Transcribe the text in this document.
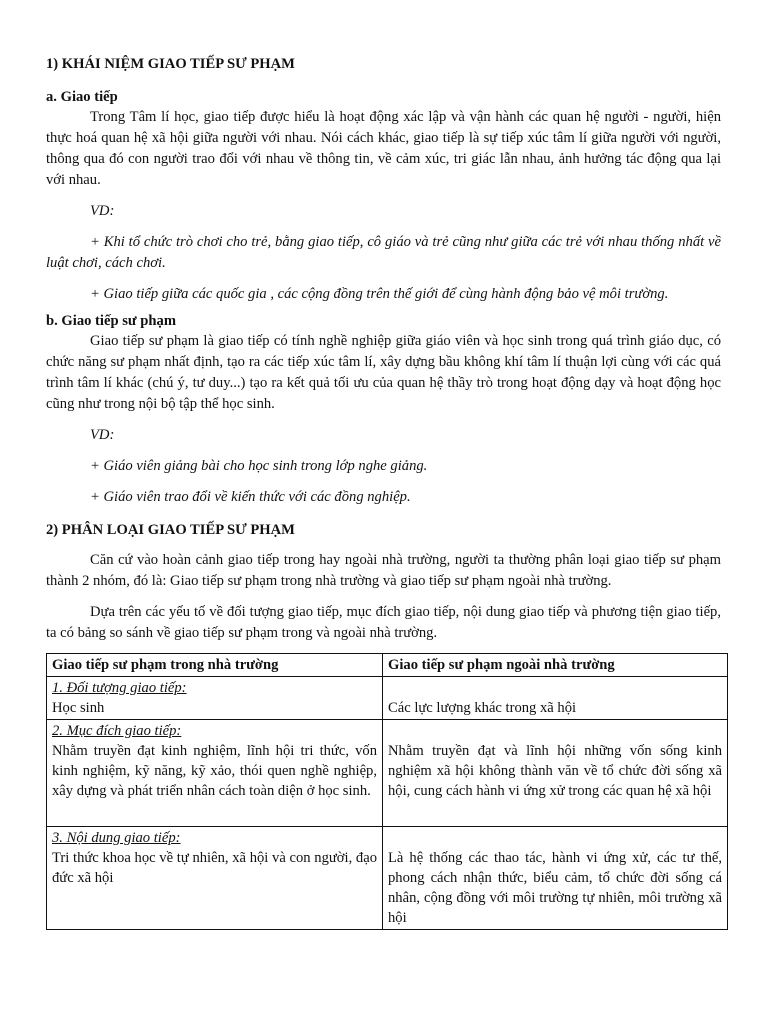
1) KHÁI NIỆM GIAO TIẾP SƯ PHẠM
a. Giao tiếp

Trong Tâm lí học, giao tiếp được hiểu là hoạt động xác lập và vận hành các quan hệ người - người, hiện thực hoá quan hệ xã hội giữa người với nhau. Nói cách khác, giao tiếp là sự tiếp xúc tâm lí giữa người với người, thông qua đó con người trao đổi với nhau về thông tin, về cảm xúc, tri giác lẫn nhau, ảnh hưởng tác động qua lại với nhau.

VD:

+ Khi tổ chức trò chơi cho trẻ, bằng giao tiếp, cô giáo và trẻ cũng như giữa các trẻ với nhau thống nhất về luật chơi, cách chơi.

+ Giao tiếp giữa các quốc gia , các cộng đồng trên thế giới để cùng hành động bảo vệ môi trường.

b. Giao tiếp sư phạm

Giao tiếp sư phạm là giao tiếp có tính nghề nghiệp giữa giáo viên và học sinh trong quá trình giáo dục, có chức năng sư phạm nhất định, tạo ra các tiếp xúc tâm lí, xây dựng bầu không khí tâm lí thuận lợi cùng với các quá trình tâm lí khác (chú ý, tư duy...) tạo ra kết quả tối ưu của quan hệ thầy trò trong hoạt động dạy và hoạt động học cũng như trong nội bộ tập thể học sinh.

VD:

+ Giáo viên giảng bài cho học sinh trong lớp nghe giảng.

+ Giáo viên trao đổi về kiến thức với các đồng nghiệp.

2) PHÂN LOẠI GIAO TIẾP SƯ PHẠM

Căn cứ vào hoàn cảnh giao tiếp trong hay ngoài nhà trường, người ta thường phân loại giao tiếp sư phạm thành 2 nhóm, đó là: Giao tiếp sư phạm trong nhà trường và giao tiếp sư phạm ngoài nhà trường.

Dựa trên các yếu tố về đối tượng giao tiếp, mục đích giao tiếp, nội dung giao tiếp và phương tiện giao tiếp, ta có bảng so sánh về giao tiếp sư phạm trong và ngoài nhà trường.

Giao tiếp sư phạm trong nhà trường	Giao tiếp sư phạm ngoài nhà trường

1. Đối tượng giao tiếp:
Học sinh	Các lực lượng khác trong xã hội

2. Mục đích giao tiếp:
Nhằm truyền đạt kinh nghiệm, lĩnh hội tri thức, vốn kinh nghiệm, kỹ năng, kỹ xảo, thói quen nghề nghiệp, xây dựng và phát triển nhân cách toàn diện ở học sinh.	Nhằm truyền đạt và lĩnh hội những vốn sống kinh nghiệm xã hội không thành văn về tổ chức đời sống xã hội, cung cách hành vi ứng xử trong các quan hệ xã hội

3. Nội dung giao tiếp:
Tri thức khoa học về tự nhiên, xã hội và con người, đạo đức xã hội	Là hệ thống các thao tác, hành vi ứng xử, các tư thế, phong cách nhận thức, biểu cảm, tổ chức đời sống cá nhân, cộng đồng với môi trường tự nhiên, môi trường xã hội
